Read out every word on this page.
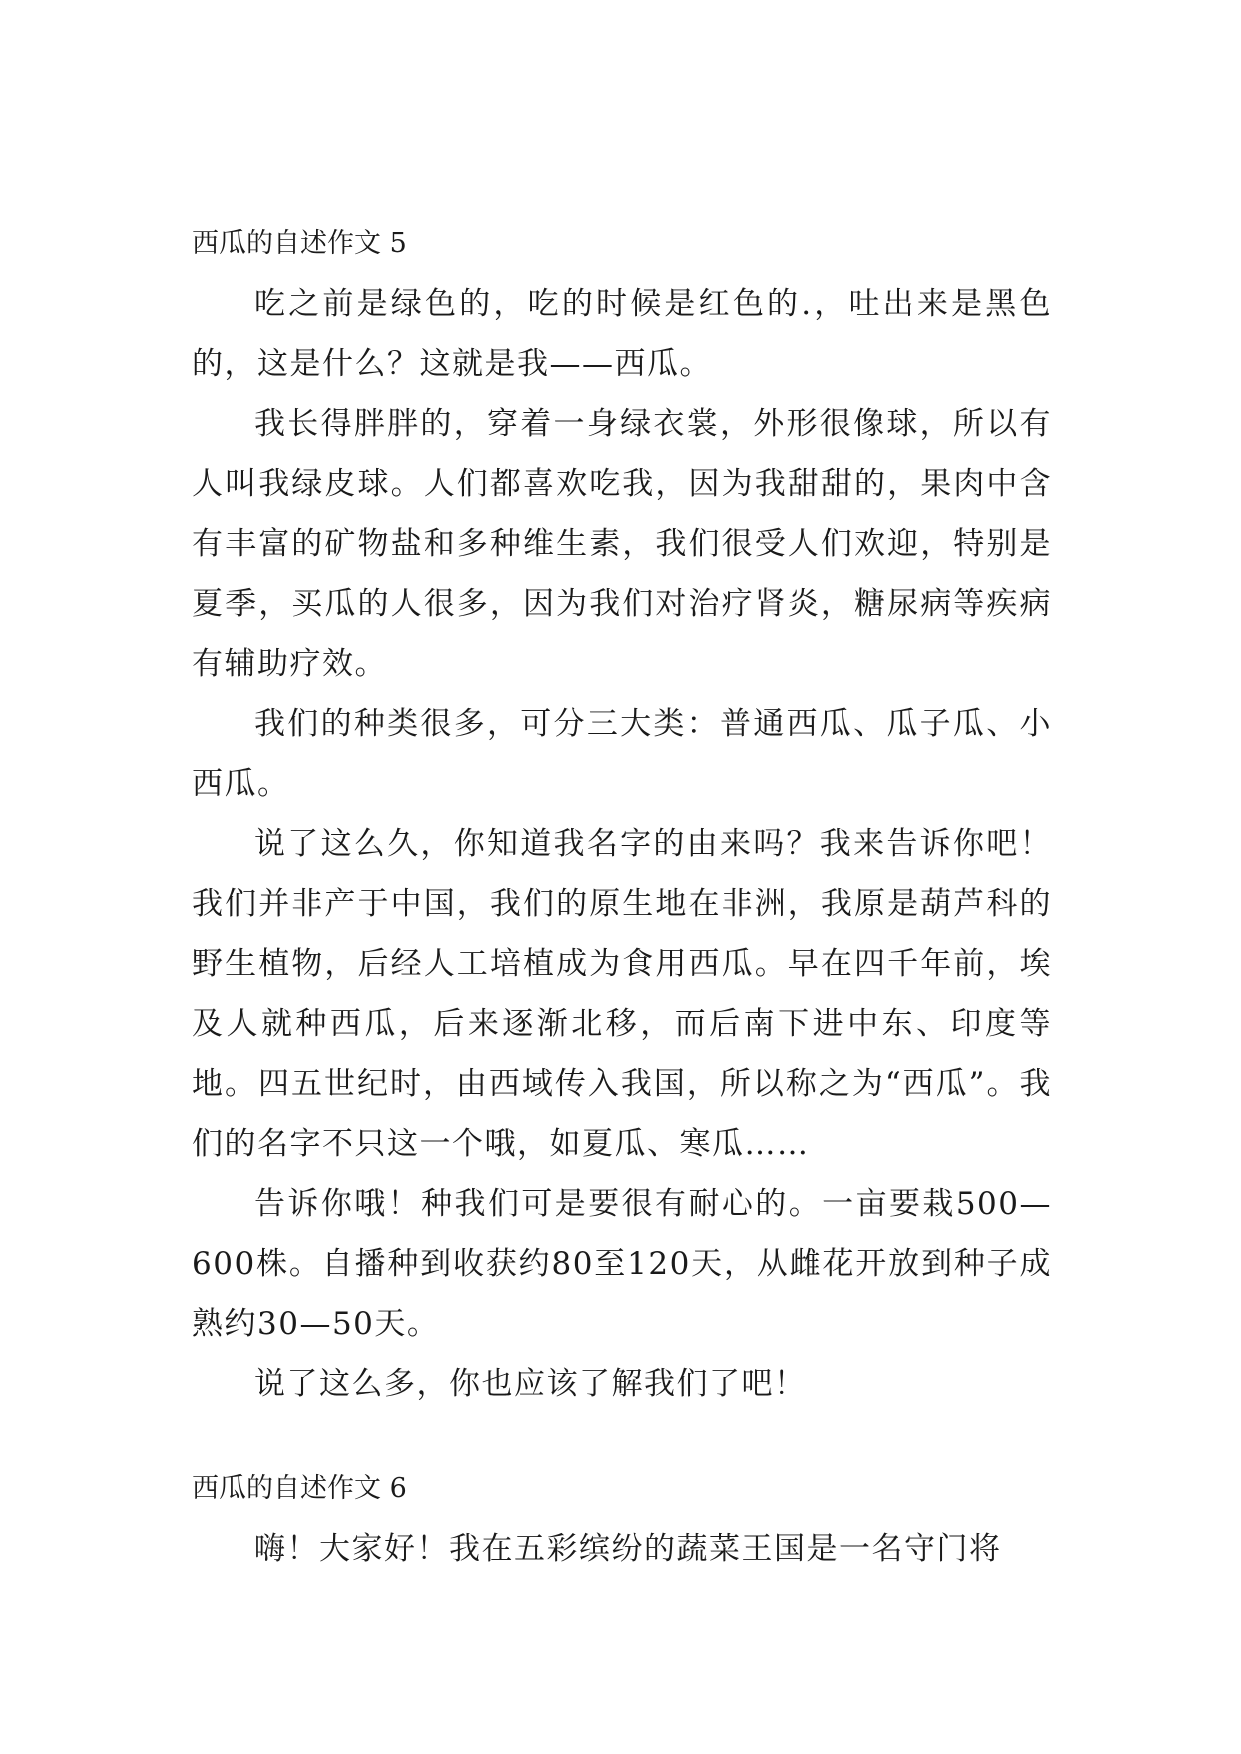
西瓜的自述作文 5

吃之前是绿色的，吃的时候是红色的.，吐出来是黑色的，这是什么？这就是我——西瓜。

我长得胖胖的，穿着一身绿衣裳，外形很像球，所以有人叫我绿皮球。人们都喜欢吃我，因为我甜甜的，果肉中含有丰富的矿物盐和多种维生素，我们很受人们欢迎，特别是夏季，买瓜的人很多，因为我们对治疗肾炎，糖尿病等疾病有辅助疗效。

我们的种类很多，可分三大类：普通西瓜、瓜子瓜、小西瓜。

说了这么久，你知道我名字的由来吗？我来告诉你吧！我们并非产于中国，我们的原生地在非洲，我原是葫芦科的野生植物，后经人工培植成为食用西瓜。早在四千年前，埃及人就种西瓜，后来逐渐北移，而后南下进中东、印度等地。四五世纪时，由西域传入我国，所以称之为“西瓜”。我们的名字不只这一个哦，如夏瓜、寒瓜……

告诉你哦！种我们可是要很有耐心的。一亩要栽500—600株。自播种到收获约80至120天，从雌花开放到种子成熟约30—50天。

说了这么多，你也应该了解我们了吧！

西瓜的自述作文 6

嗨！大家好！我在五彩缤纷的蔬菜王国是一名守门将
